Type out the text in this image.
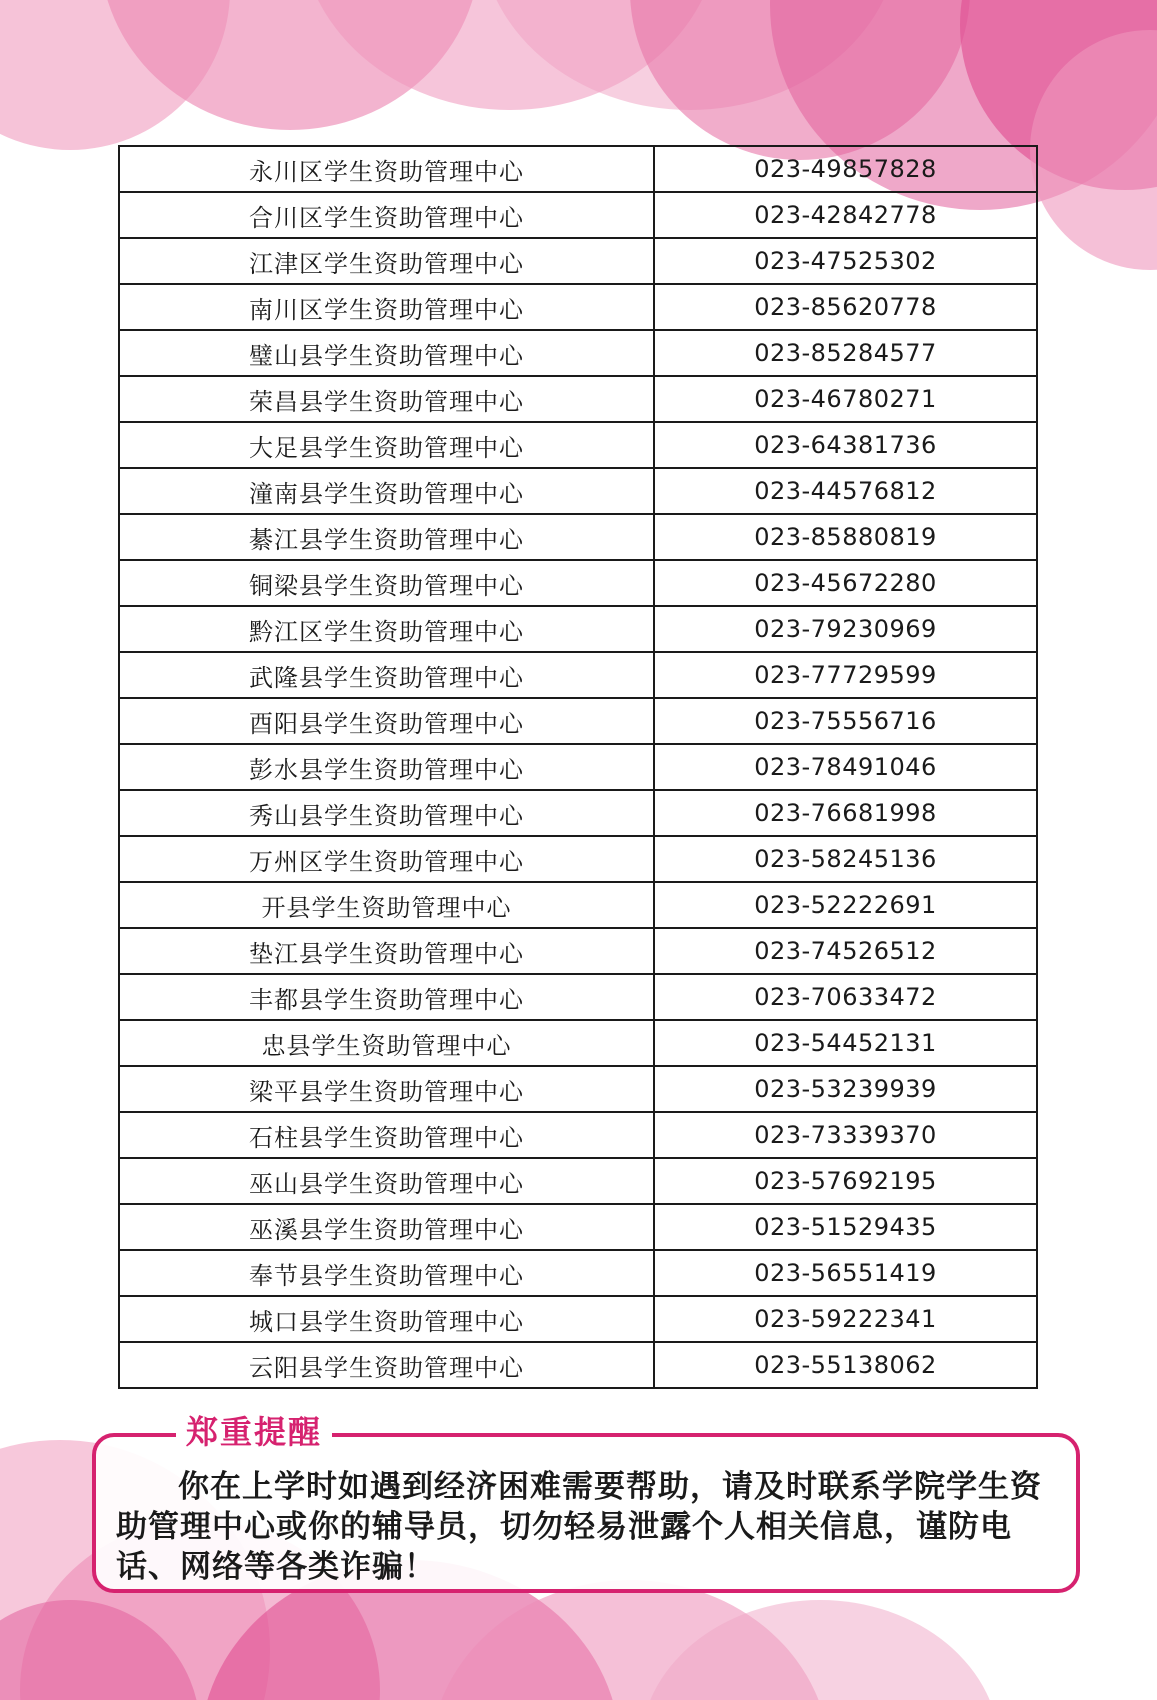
永川区学生资助管理中心	023-49857828
合川区学生资助管理中心	023-42842778
江津区学生资助管理中心	023-47525302
南川区学生资助管理中心	023-85620778
璧山县学生资助管理中心	023-85284577
荣昌县学生资助管理中心	023-46780271
大足县学生资助管理中心	023-64381736
潼南县学生资助管理中心	023-44576812
綦江县学生资助管理中心	023-85880819
铜梁县学生资助管理中心	023-45672280
黔江区学生资助管理中心	023-79230969
武隆县学生资助管理中心	023-77729599
酉阳县学生资助管理中心	023-75556716
彭水县学生资助管理中心	023-78491046
秀山县学生资助管理中心	023-76681998
万州区学生资助管理中心	023-58245136
开县学生资助管理中心	023-52222691
垫江县学生资助管理中心	023-74526512
丰都县学生资助管理中心	023-70633472
忠县学生资助管理中心	023-54452131
梁平县学生资助管理中心	023-53239939
石柱县学生资助管理中心	023-73339370
巫山县学生资助管理中心	023-57692195
巫溪县学生资助管理中心	023-51529435
奉节县学生资助管理中心	023-56551419
城口县学生资助管理中心	023-59222341
云阳县学生资助管理中心	023-55138062
郑重提醒
你在上学时如遇到经济困难需要帮助，请及时联系学院学生资助管理中心或你的辅导员，切勿轻易泄露个人相关信息，谨防电话、网络等各类诈骗！
